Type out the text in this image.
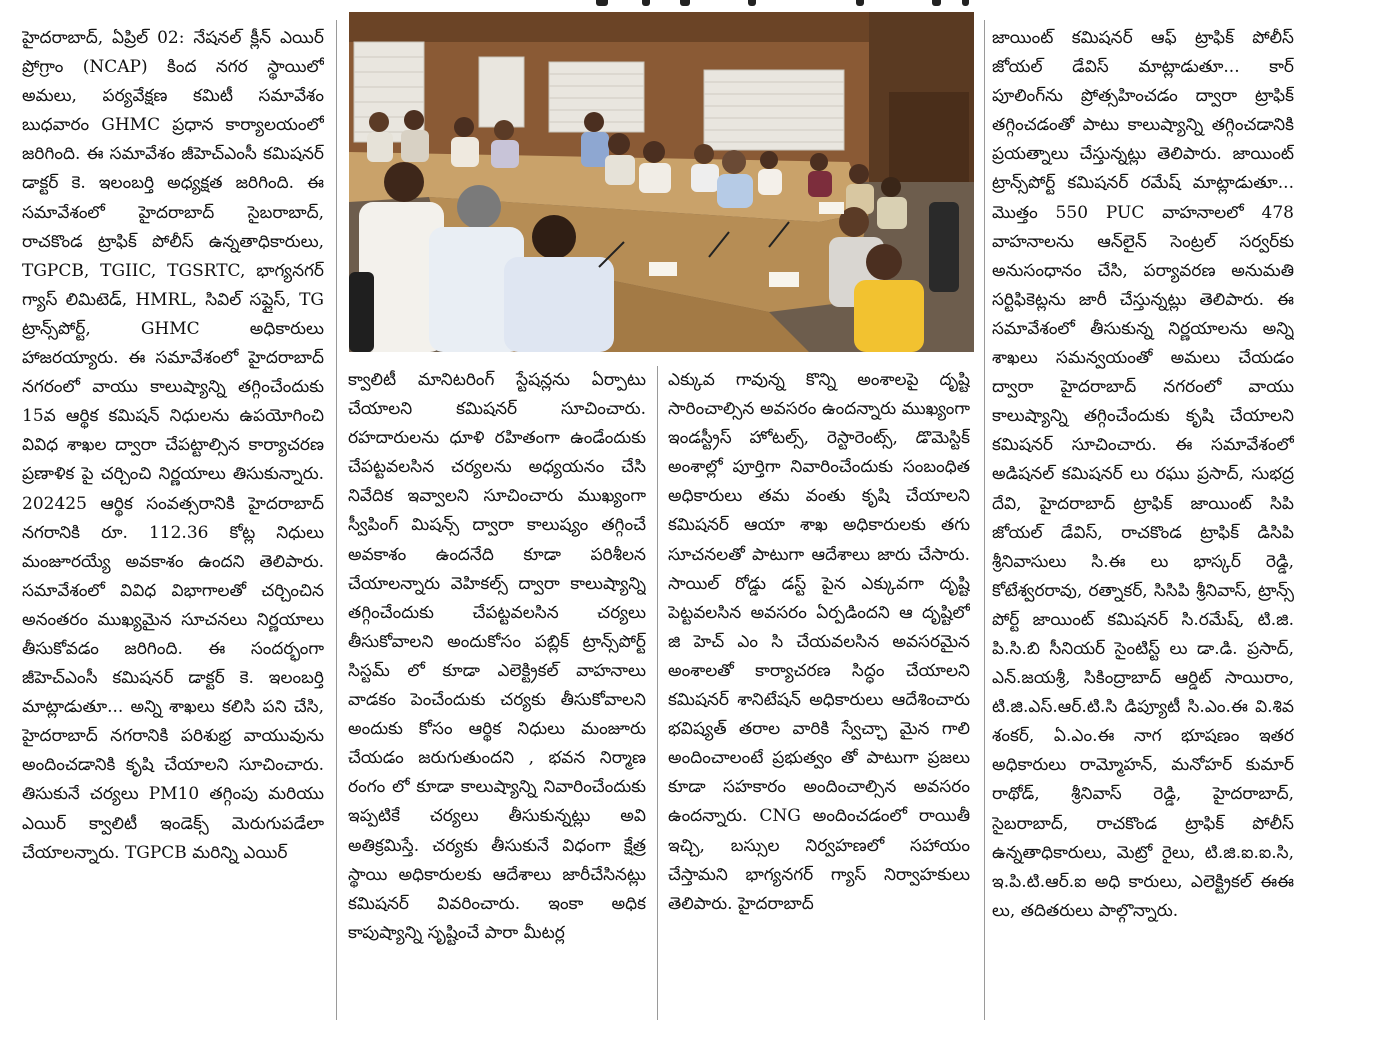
హైదరాబాద్, ఏప్రిల్ 02: నేషనల్ క్లీన్ ఎయిర్ ప్రోగ్రాం (NCAP) కింద నగర స్థాయిలో అమలు, పర్యవేక్షణ కమిటీ సమావేశం బుధవారం GHMC ప్రధాన కార్యాలయంలో జరిగింది. ఈ సమావేశం జీహెచ్ఎంసీ కమిషనర్ డాక్టర్ కె. ఇలంబర్తి అధ్యక్షత జరిగింది. ఈ సమావేశంలో హైదరాబాద్ సైబరాబాద్, రాచకొండ ట్రాఫిక్ పోలీస్ ఉన్నతాధికారులు, TGPCB, TGIIC, TGSRTC, భాగ్యనగర్ గ్యాస్ లిమిటెడ్, HMRL, సివిల్ సప్లైస్, TG ట్రాన్స్‌పోర్ట్, GHMC అధికారులు హాజరయ్యారు. ఈ సమావేశంలో హైదరాబాద్ నగరంలో వాయు కాలుష్యాన్ని తగ్గించేందుకు 15వ ఆర్థిక కమిషన్ నిధులను ఉపయోగించి వివిధ శాఖల ద్వారా చేపట్టాల్సిన కార్యాచరణ ప్రణాళిక పై చర్చించి నిర్ణయాలు తిసుకున్నారు. 202425 ఆర్థిక సంవత్సరానికి హైదరాబాద్ నగరానికి రూ. 112.36 కోట్ల నిధులు మంజూరయ్యే అవకాశం ఉందని తెలిపారు. సమావేశంలో వివిధ విభాగాలతో చర్చించిన అనంతరం ముఖ్యమైన సూచనలు నిర్ణయాలు తీసుకోవడం జరిగింది. ఈ సందర్భంగా జీహెచ్ఎంసీ కమిషనర్ డాక్టర్ కె. ఇలంబర్తి మాట్లాడుతూ... అన్ని శాఖలు కలిసి పని చేసి, హైదరాబాద్ నగరానికి పరిశుభ్ర వాయువును అందించడానికి కృషి చేయాలని సూచించారు. తిసుకునే చర్యలు PM10 తగ్గింపు మరియు ఎయిర్ క్వాలిటీ ఇండెక్స్ మెరుగుపడేలా చేయాలన్నారు. TGPCB మరిన్ని ఎయిర్

క్వాలిటీ మానిటరింగ్ స్టేషన్లను ఏర్పాటు చేయాలని కమిషనర్ సూచించారు. రహదారులను ధూళి రహితంగా ఉండేందుకు చేపట్టవలసిన చర్యలను అధ్యయనం చేసి నివేదిక ఇవ్వాలని సూచించారు ముఖ్యంగా స్వీపింగ్ మిషన్స్ ద్వారా కాలుష్యం తగ్గించే అవకాశం ఉందనేది కూడా పరిశీలన చేయాలన్నారు వెహికల్స్ ద్వారా కాలుష్యాన్ని తగ్గించేందుకు చేపట్టవలసిన చర్యలు తీసుకోవాలని అందుకోసం పబ్లిక్ ట్రాన్స్‌పోర్ట్ సిస్టమ్ లో కూడా ఎలెక్ట్రికల్ వాహనాలు వాడకం పెంచేందుకు చర్యకు తీసుకోవాలని అందుకు కోసం ఆర్థిక నిధులు మంజూరు చేయడం జరుగుతుందని , భవన నిర్మాణ రంగం లో కూడా కాలుష్యాన్ని నివారించేందుకు ఇప్పటికే చర్యలు తీసుకున్నట్లు అవి అతిక్రమిస్తే. చర్యకు తీసుకునే విధంగా క్షేత్ర స్థాయి అధికారులకు ఆదేశాలు జారీచేసినట్లు కమిషనర్ వివరించారు. ఇంకా అధిక కాపుష్యాన్ని సృష్టించే పారా మీటర్ల

ఎక్కువ గావున్న కొన్ని అంశాలపై దృష్టి సారించాల్సిన అవసరం ఉందన్నారు ముఖ్యంగా ఇండస్ట్రీస్ హోటల్స్, రెస్టారెంట్స్, డొమెస్టిక్ అంశాల్లో పూర్తిగా నివారించేందుకు సంబంధిత అధికారులు తమ వంతు కృషి చేయాలని కమిషనర్ ఆయా శాఖ అధికారులకు తగు సూచనలతో పాటుగా ఆదేశాలు జారు చేసారు. సాయిల్ రోడ్డు డస్ట్ పైన ఎక్కువగా దృష్టి పెట్టవలసిన అవసరం ఏర్పడిందని ఆ దృష్టిలో జి హెచ్ ఎం సి చేయవలసిన అవసరమైన అంశాలతో కార్యాచరణ సిద్ధం చేయాలని కమిషనర్ శానిటేషన్ అధికారులు ఆదేశించారు భవిష్యత్ తరాల వారికి స్వేచ్ఛా మైన గాలి అందించాలంటే ప్రభుత్వం తో పాటుగా ప్రజలు కూడా సహకారం అందించాల్సిన అవసరం ఉందన్నారు. CNG అందించడంలో రాయితీ ఇచ్చి, బస్సుల నిర్వహణలో సహాయం చేస్తామని భాగ్యనగర్ గ్యాస్ నిర్వాహకులు తెలిపారు. హైదరాబాద్

జాయింట్ కమిషనర్ ఆఫ్ ట్రాఫిక్ పోలీస్ జోయల్ డేవిస్ మాట్లాడుతూ... కార్ పూలింగ్‌ను ప్రోత్సహించడం ద్వారా ట్రాఫిక్ తగ్గించడంతో పాటు కాలుష్యాన్ని తగ్గించడానికి ప్రయత్నాలు చేస్తున్నట్లు తెలిపారు. జాయింట్ ట్రాన్స్‌పోర్ట్ కమిషనర్ రమేష్ మాట్లాడుతూ... మొత్తం 550 PUC వాహనాలలో 478 వాహనాలను ఆన్‌లైన్ సెంట్రల్ సర్వర్‌కు అనుసంధానం చేసి, పర్యావరణ అనుమతి సర్టిఫికెట్లను జారీ చేస్తున్నట్లు తెలిపారు. ఈ సమావేశంలో తీసుకున్న నిర్ణయాలను అన్ని శాఖలు సమన్వయంతో అమలు చేయడం ద్వారా హైదరాబాద్ నగరంలో వాయు కాలుష్యాన్ని తగ్గించేందుకు కృషి చేయాలని కమిషనర్ సూచించారు. ఈ సమావేశంలో అడిషనల్ కమిషనర్ లు రఘు ప్రసాద్, సుభద్ర దేవి, హైదరాబాద్ ట్రాఫిక్ జాయింట్ సిపి జోయల్ డేవిస్, రాచకొండ ట్రాఫిక్ డిసిపి శ్రీనివాసులు సి.ఈ లు భాస్కర్ రెడ్డి, కోటేశ్వరరావు, రత్నాకర్, సిసిపి శ్రీనివాస్, ట్రాన్స్ పోర్ట్ జాయింట్ కమిషనర్ సి.రమేష్, టి.జి. పి.సి.బి సీనియర్ సైంటిస్ట్ లు డా.డి. ప్రసాద్, ఎన్.జయశ్రీ, సికింద్రాబాద్ ఆర్డిట్ సాయిరాం, టి.జి.ఎస్.ఆర్.టి.సి డిప్యూటీ సి.ఎం.ఈ వి.శివ శంకర్, ఏ.ఎం.ఈ నాగ భూషణం ఇతర అధికారులు రామ్మోహన్, మనోహర్ కుమార్ రాథోడ్, శ్రీనివాస్ రెడ్డి, హైదరాబాద్, సైబరాబాద్, రాచకొండ ట్రాఫిక్ పోలీస్ ఉన్నతాధికారులు, మెట్రో రైలు, టి.జి.ఐ.ఐ.సి, ఇ.పి.టి.ఆర్.ఐ అధి కారులు, ఎలెక్ట్రికల్ ఈఈ లు, తదితరులు పాల్గొన్నారు.
